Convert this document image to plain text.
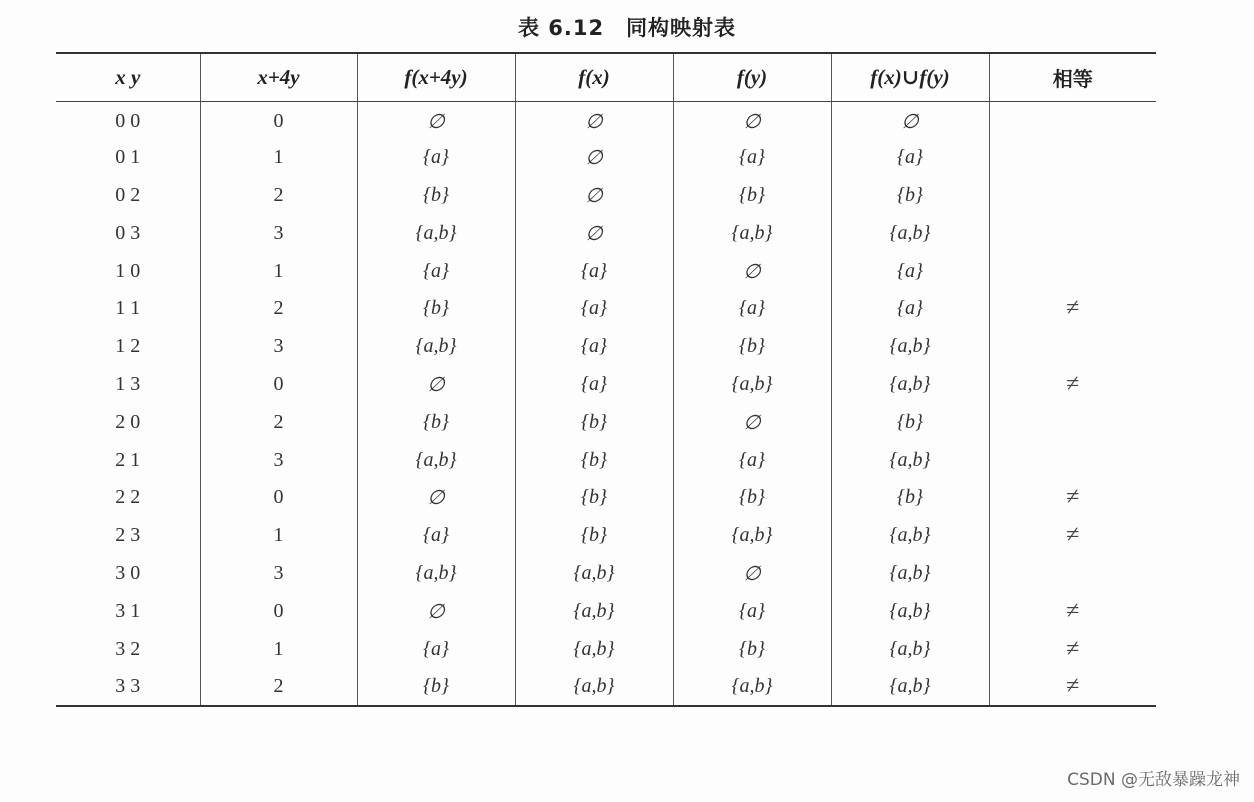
表 6.12 同构映射表
x y	x+4y	f(x+4y)	f(x)	f(y)	f(x)∪f(y)	相等
0 0	0	∅	∅	∅	∅	
0 1	1	{a}	∅	{a}	{a}	
0 2	2	{b}	∅	{b}	{b}	
0 3	3	{a,b}	∅	{a,b}	{a,b}	
1 0	1	{a}	{a}	∅	{a}	
1 1	2	{b}	{a}	{a}	{a}	≠
1 2	3	{a,b}	{a}	{b}	{a,b}	
1 3	0	∅	{a}	{a,b}	{a,b}	≠
2 0	2	{b}	{b}	∅	{b}	
2 1	3	{a,b}	{b}	{a}	{a,b}	
2 2	0	∅	{b}	{b}	{b}	≠
2 3	1	{a}	{b}	{a,b}	{a,b}	≠
3 0	3	{a,b}	{a,b}	∅	{a,b}	
3 1	0	∅	{a,b}	{a}	{a,b}	≠
3 2	1	{a}	{a,b}	{b}	{a,b}	≠
3 3	2	{b}	{a,b}	{a,b}	{a,b}	≠
CSDN @无敌暴躁龙神
